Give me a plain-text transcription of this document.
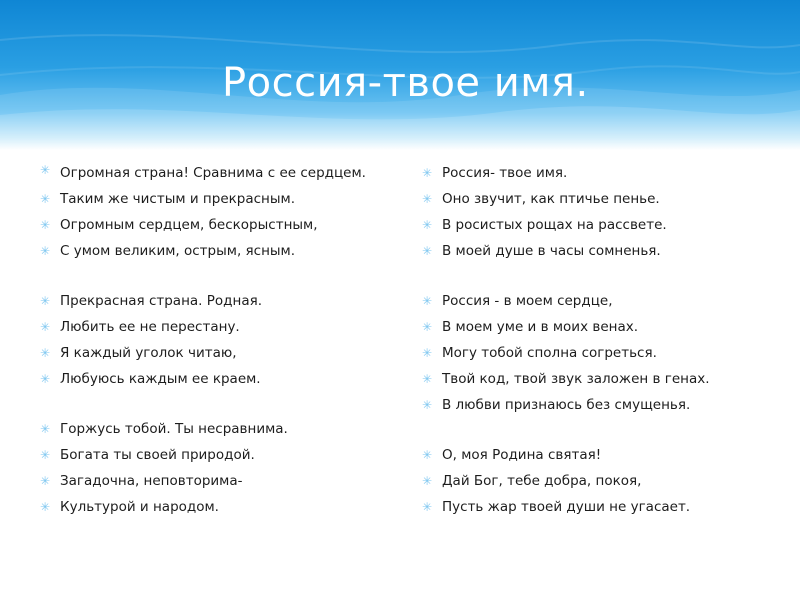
Россия-твое имя.
✳ Огромная страна! Сравнима с ее сердцем.
✳ Таким же чистым и прекрасным.
✳ Огромным сердцем, бескорыстным,
✳ С умом великим, острым, ясным.
✳ Прекрасная страна. Родная.
✳ Любить ее не перестану.
✳ Я каждый уголок читаю,
✳ Любуюсь каждым ее краем.
✳ Горжусь тобой. Ты несравнима.
✳ Богата ты своей природой.
✳ Загадочна, неповторима-
✳ Культурой и народом.
✳ Россия- твое имя.
✳ Оно звучит, как птичье пенье.
✳ В росистых рощах на рассвете.
✳ В моей душе в часы сомненья.
✳ Россия - в моем сердце,
✳ В моем уме и в моих венах.
✳ Могу тобой сполна согреться.
✳ Твой код, твой звук заложен в генах.
✳ В любви признаюсь без смущенья.
✳ О, моя Родина святая!
✳ Дай Бог, тебе добра, покоя,
✳ Пусть жар твоей души не угасает.
